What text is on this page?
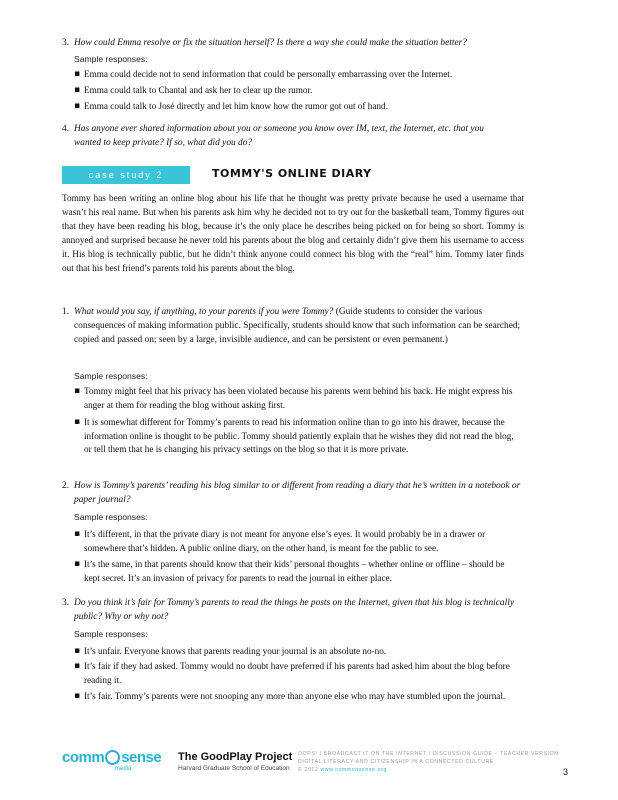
3. How could Emma resolve or fix the situation herself? Is there a way she could make the situation better?
Sample responses:
▪ Emma could decide not to send information that could be personally embarrassing over the Internet.
▪ Emma could talk to Chantal and ask her to clear up the rumor.
▪ Emma could talk to José directly and let him know how the rumor got out of hand.
4. Has anyone ever shared information about you or someone you know over IM, text, the Internet, etc. that you wanted to keep private? If so, what did you do?
case study 2	TOMMY'S ONLINE DIARY
Tommy has been writing an online blog about his life that he thought was pretty private because he used a username that wasn’t his real name. But when his parents ask him why he decided not to try out for the basketball team, Tommy figures out that they have been reading his blog, because it’s the only place he describes being picked on for being so short. Tommy is annoyed and surprised because he never told his parents about the blog and certainly didn’t give them his username to access it. His blog is technically public, but he didn’t think anyone could connect his blog with the “real” him. Tommy later finds out that his best friend’s parents told his parents about the blog.
1. What would you say, if anything, to your parents if you were Tommy? (Guide students to consider the various consequences of making information public. Specifically, students should know that such information can be searched; copied and passed on; seen by a large, invisible audience, and can be persistent or even permanent.)
Sample responses:
▪ Tommy might feel that his privacy has been violated because his parents went behind his back. He might express his anger at them for reading the blog without asking first.
▪ It is somewhat different for Tommy’s parents to read his information online than to go into his drawer, because the information online is thought to be public. Tommy should patiently explain that he wishes they did not read the blog, or tell them that he is changing his privacy settings on the blog so that it is more private.
2. How is Tommy’s parents’ reading his blog similar to or different from reading a diary that he’s written in a notebook or paper journal?
Sample responses:
▪ It’s different, in that the private diary is not meant for anyone else’s eyes. It would probably be in a drawer or somewhere that’s hidden. A public online diary, on the other hand, is meant for the public to see.
▪ It’s the same, in that parents should know that their kids’ personal thoughts – whether online or offline – should be kept secret. It’s an invasion of privacy for parents to read the journal in either place.
3. Do you think it’s fair for Tommy’s parents to read the things he posts on the Internet, given that his blog is technically public? Why or why not?
Sample responses:
▪ It’s unfair. Everyone knows that parents reading your journal is an absolute no-no.
▪ It’s fair if they had asked. Tommy would no doubt have preferred if his parents had asked him about the blog before reading it.
▪ It’s fair. Tommy’s parents were not snooping any more than anyone else who may have stumbled upon the journal.
comm sense
media
The GoodPlay Project
Harvard Graduate School of Education
OOPS! I BROADCAST IT ON THE INTERNET / DISCUSSION GUIDE – TEACHER VERSION
DIGITAL LITERACY AND CITIZENSHIP IN A CONNECTED CULTURE
© 2012 www.commonsense.org	3
